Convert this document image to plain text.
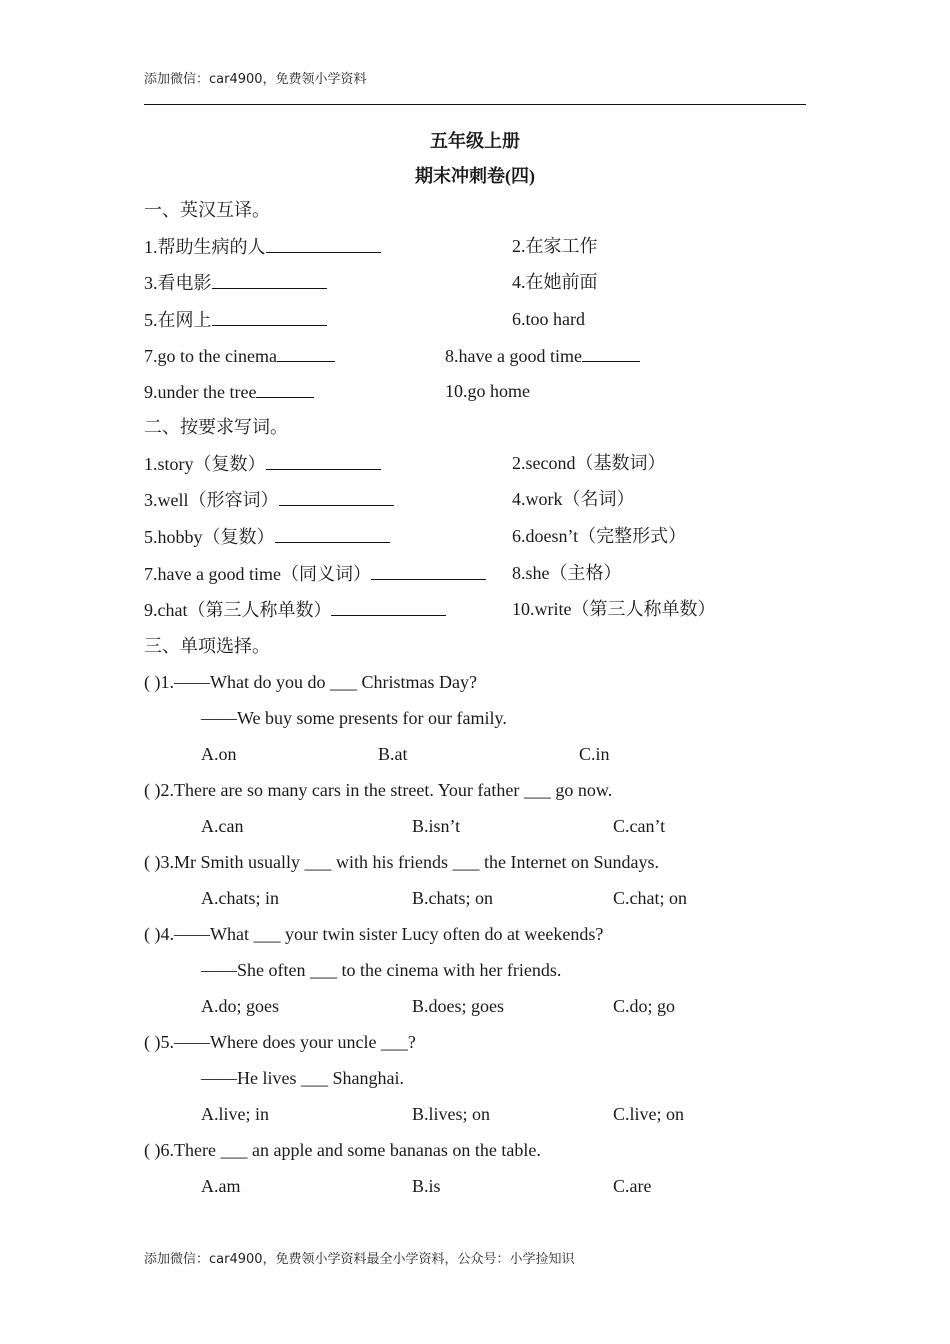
添加微信：car4900，免费领小学资料
五年级上册
期末冲刺卷(四)
一、英汉互译。
1.帮助生病的人	2.在家工作
3.看电影	4.在她前面
5.在网上	6.too hard
7.go to the cinema	8.have a good time
9.under the tree	10.go home
二、按要求写词。
1.story（复数）	2.second（基数词）
3.well（形容词）	4.work（名词）
5.hobby（复数）	6.doesn’t（完整形式）
7.have a good time（同义词）	8.she（主格）
9.chat（第三人称单数）	10.write（第三人称单数）
三、单项选择。
( )1.——What do you do ___ Christmas Day?
——We buy some presents for our family.
A.on	B.at	C.in
( )2.There are so many cars in the street. Your father ___ go now.
A.can	B.isn’t	C.can’t
( )3.Mr Smith usually ___ with his friends ___ the Internet on Sundays.
A.chats; in	B.chats; on	C.chat; on
( )4.——What ___ your twin sister Lucy often do at weekends?
——She often ___ to the cinema with her friends.
A.do; goes	B.does; goes	C.do; go
( )5.——Where does your uncle ___?
——He lives ___ Shanghai.
A.live; in	B.lives; on	C.live; on
( )6.There ___ an apple and some bananas on the table.
A.am	B.is	C.are
添加微信：car4900，免费领小学资料最全小学资料，公众号：小学捡知识
